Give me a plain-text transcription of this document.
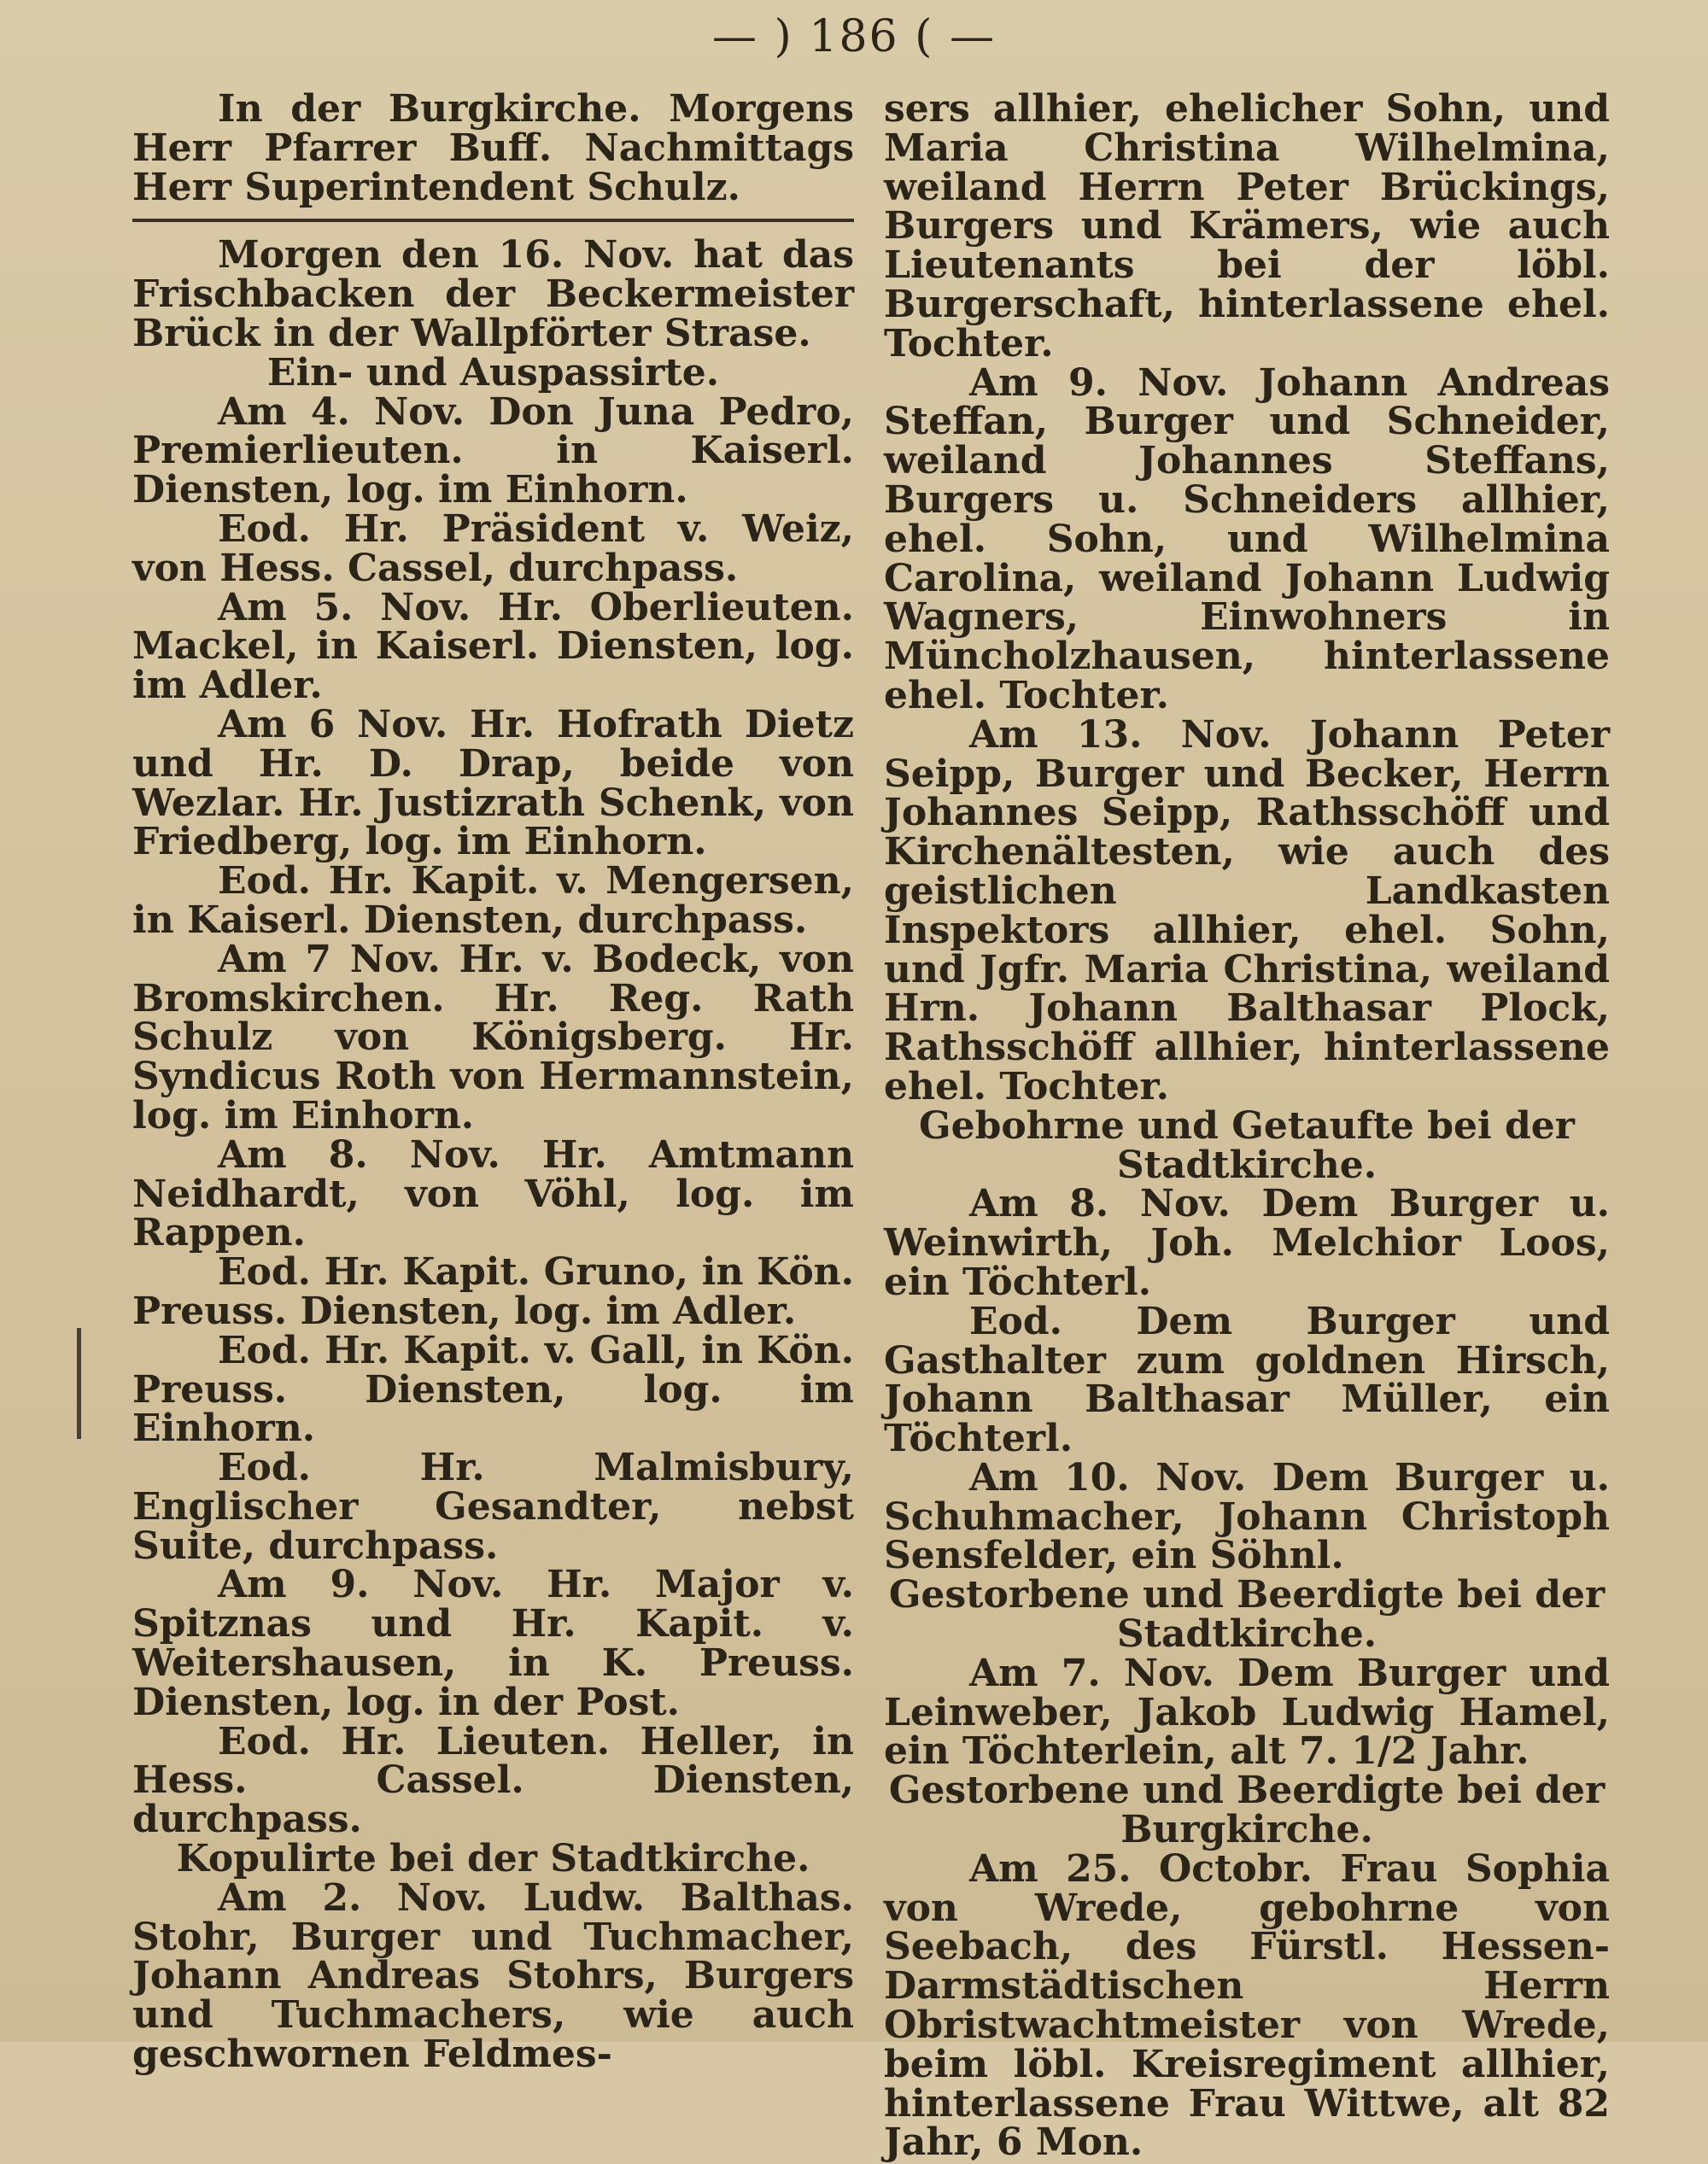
— ) 186 ( —

In der Burgkirche. Morgens Herr Pfarrer Buff. Nachmittags Herr Superintendent Schulz.

Morgen den 16. Nov. hat das Frischbacken der Beckermeister Brück in der Wallpförter Strase.

Ein- und Auspassirte.

Am 4. Nov. Don Juna Pedro, Premierlieuten. in Kaiserl. Diensten, log. im Einhorn.

Eod. Hr. Präsident v. Weiz, von Hess. Cassel, durchpass.

Am 5. Nov. Hr. Oberlieuten. Mackel, in Kaiserl. Diensten, log. im Adler.

Am 6 Nov. Hr. Hofrath Dietz und Hr. D. Drap, beide von Wezlar. Hr. Justizrath Schenk, von Friedberg, log. im Einhorn.

Eod. Hr. Kapit. v. Mengersen, in Kaiserl. Diensten, durchpass.

Am 7 Nov. Hr. v. Bodeck, von Bromskirchen. Hr. Reg. Rath Schulz von Königsberg. Hr. Syndicus Roth von Hermannstein, log. im Einhorn.

Am 8. Nov. Hr. Amtmann Neidhardt, von Vöhl, log. im Rappen.

Eod. Hr. Kapit. Gruno, in Kön. Preuss. Diensten, log. im Adler.

Eod. Hr. Kapit. v. Gall, in Kön. Preuss. Diensten, log. im Einhorn.

Eod. Hr. Malmisbury, Englischer Gesandter, nebst Suite, durchpass.

Am 9. Nov. Hr. Major v. Spitznas und Hr. Kapit. v. Weitershausen, in K. Preuss. Diensten, log. in der Post.

Eod. Hr. Lieuten. Heller, in Hess. Cassel. Diensten, durchpass.

Kopulirte bei der Stadtkirche.

Am 2. Nov. Ludw. Balthas. Stohr, Burger und Tuchmacher, Johann Andreas Stohrs, Burgers und Tuchmachers, wie auch geschwornen Feldmes-

sers allhier, ehelicher Sohn, und Maria Christina Wilhelmina, weiland Herrn Peter Brückings, Burgers und Krämers, wie auch Lieutenants bei der löbl. Burgerschaft, hinterlassene ehel. Tochter.

Am 9. Nov. Johann Andreas Steffan, Burger und Schneider, weiland Johannes Steffans, Burgers u. Schneiders allhier, ehel. Sohn, und Wilhelmina Carolina, weiland Johann Ludwig Wagners, Einwohners in Müncholzhausen, hinterlassene ehel. Tochter.

Am 13. Nov. Johann Peter Seipp, Burger und Becker, Herrn Johannes Seipp, Rathsschöff und Kirchenältesten, wie auch des geistlichen Landkasten Inspektors allhier, ehel. Sohn, und Jgfr. Maria Christina, weiland Hrn. Johann Balthasar Plock, Rathsschöff allhier, hinterlassene ehel. Tochter.

Gebohrne und Getaufte bei der Stadtkirche.

Am 8. Nov. Dem Burger u. Weinwirth, Joh. Melchior Loos, ein Töchterl.

Eod. Dem Burger und Gasthalter zum goldnen Hirsch, Johann Balthasar Müller, ein Töchterl.

Am 10. Nov. Dem Burger u. Schuhmacher, Johann Christoph Sensfelder, ein Söhnl.

Gestorbene und Beerdigte bei der Stadtkirche.

Am 7. Nov. Dem Burger und Leinweber, Jakob Ludwig Hamel, ein Töchterlein, alt 7. 1/2 Jahr.

Gestorbene und Beerdigte bei der Burgkirche.

Am 25. Octobr. Frau Sophia von Wrede, gebohrne von Seebach, des Fürstl. Hessen-Darmstädtischen Herrn Obristwachtmeister von Wrede, beim löbl. Kreisregiment allhier, hinterlassene Frau Wittwe, alt 82 Jahr, 6 Mon.
